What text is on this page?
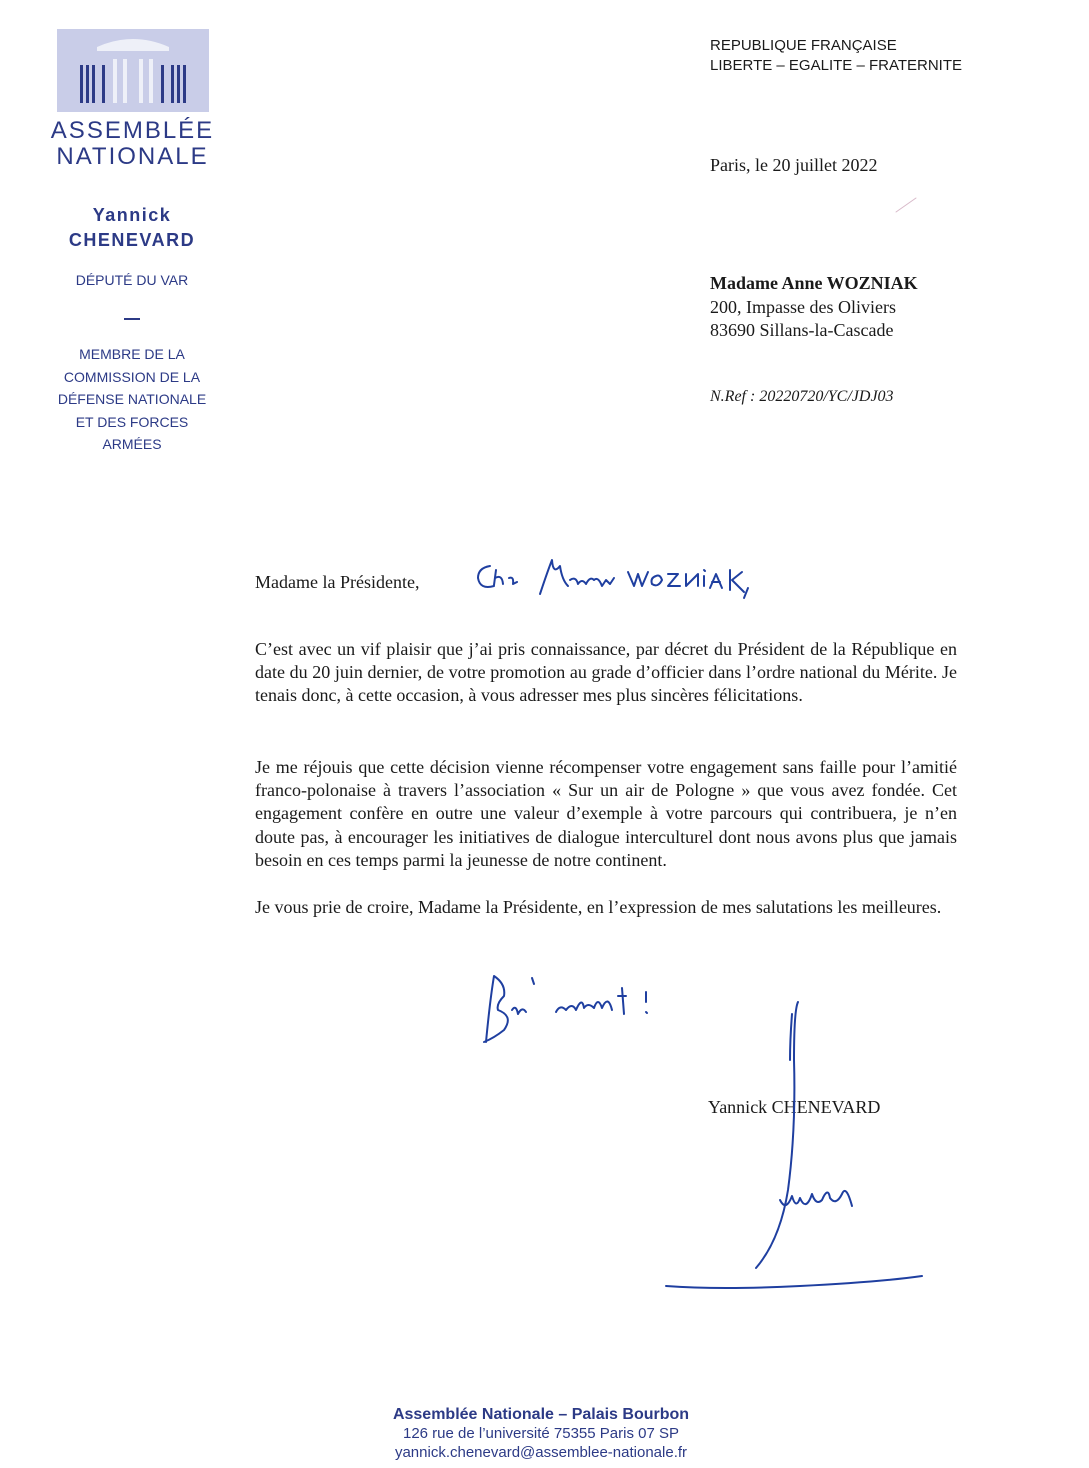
ASSEMBLÉE
NATIONALE
Yannick
CHENEVARD
DÉPUTÉ DU VAR
MEMBRE DE LA
COMMISSION DE LA
DÉFENSE NATIONALE
ET DES FORCES
ARMÉES
REPUBLIQUE FRANÇAISE
LIBERTE – EGALITE – FRATERNITE
Paris, le 20 juillet 2022
Madame Anne WOZNIAK
200, Impasse des Oliviers
83690 Sillans-la-Cascade
N.Ref : 20220720/YC/JDJ03
Madame la Présidente,
C’est avec un vif plaisir que j’ai pris connaissance, par décret du Président de la République en date du 20 juin dernier, de votre promotion au grade d’officier dans l’ordre national du Mérite. Je tenais donc, à cette occasion, à vous adresser mes plus sincères félicitations.
Je me réjouis que cette décision vienne récompenser votre engagement sans faille pour l’amitié franco-polonaise à travers l’association « Sur un air de Pologne » que vous avez fondée. Cet engagement confère en outre une valeur d’exemple à votre parcours qui contribuera, je n’en doute pas, à encourager les initiatives de dialogue interculturel dont nous avons plus que jamais besoin en ces temps parmi la jeunesse de notre continent.
Je vous prie de croire, Madame la Présidente, en l’expression de mes salutations les meilleures.
Yannick CHENEVARD
Assemblée Nationale – Palais Bourbon
126 rue de l’université 75355 Paris 07 SP
yannick.chenevard@assemblee-nationale.fr
